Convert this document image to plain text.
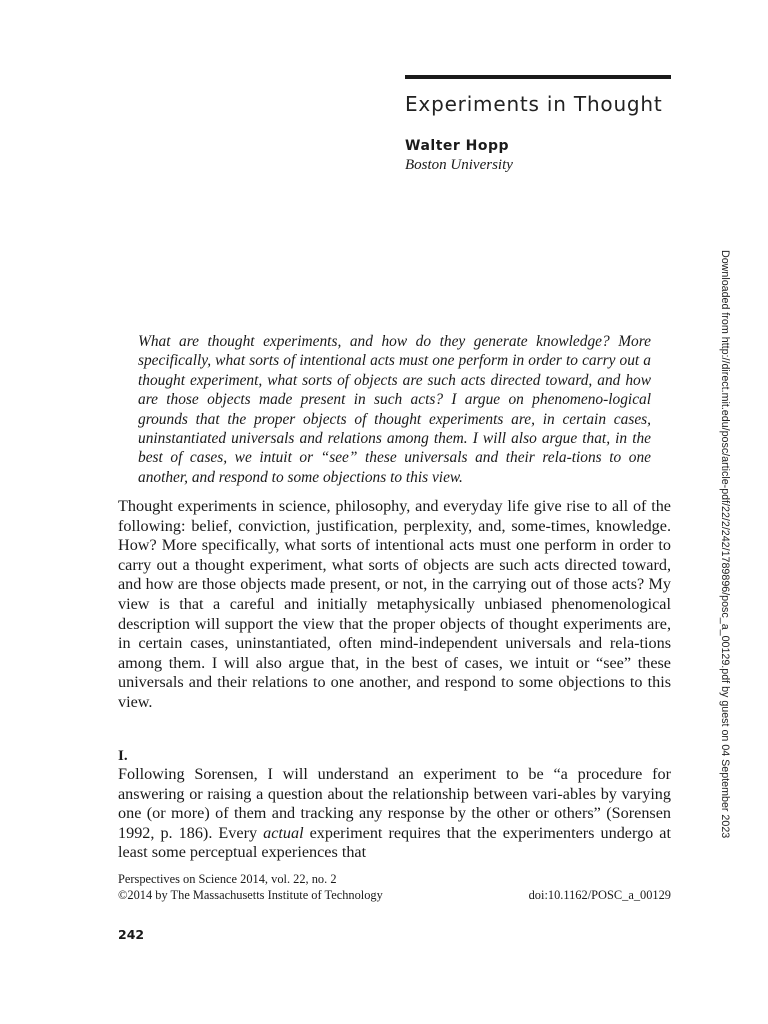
Experiments in Thought
Walter Hopp
Boston University
Downloaded from http://direct.mit.edu/posc/article-pdf/22/2/242/1789896/posc_a_00129.pdf by guest on 04 September 2023

What are thought experiments, and how do they generate knowledge? More specifically, what sorts of intentional acts must one perform in order to carry out a thought experiment, what sorts of objects are such acts directed toward, and how are those objects made present in such acts? I argue on phenomeno-logical grounds that the proper objects of thought experiments are, in certain cases, uninstantiated universals and relations among them. I will also argue that, in the best of cases, we intuit or “see” these universals and their rela-tions to one another, and respond to some objections to this view.

Thought experiments in science, philosophy, and everyday life give rise to all of the following: belief, conviction, justification, perplexity, and, some-times, knowledge. How? More specifically, what sorts of intentional acts must one perform in order to carry out a thought experiment, what sorts of objects are such acts directed toward, and how are those objects made present, or not, in the carrying out of those acts? My view is that a careful and initially metaphysically unbiased phenomenological description will support the view that the proper objects of thought experiments are, in certain cases, uninstantiated, often mind-independent universals and rela-tions among them. I will also argue that, in the best of cases, we intuit or “see” these universals and their relations to one another, and respond to some objections to this view.

I.

Following Sorensen, I will understand an experiment to be “a procedure for answering or raising a question about the relationship between vari-ables by varying one (or more) of them and tracking any response by the other or others” (Sorensen 1992, p. 186). Every actual experiment requires that the experimenters undergo at least some perceptual experiences that

Perspectives on Science 2014, vol. 22, no. 2
©2014 by The Massachusetts Institute of Technology	doi:10.1162/POSC_a_00129
242
